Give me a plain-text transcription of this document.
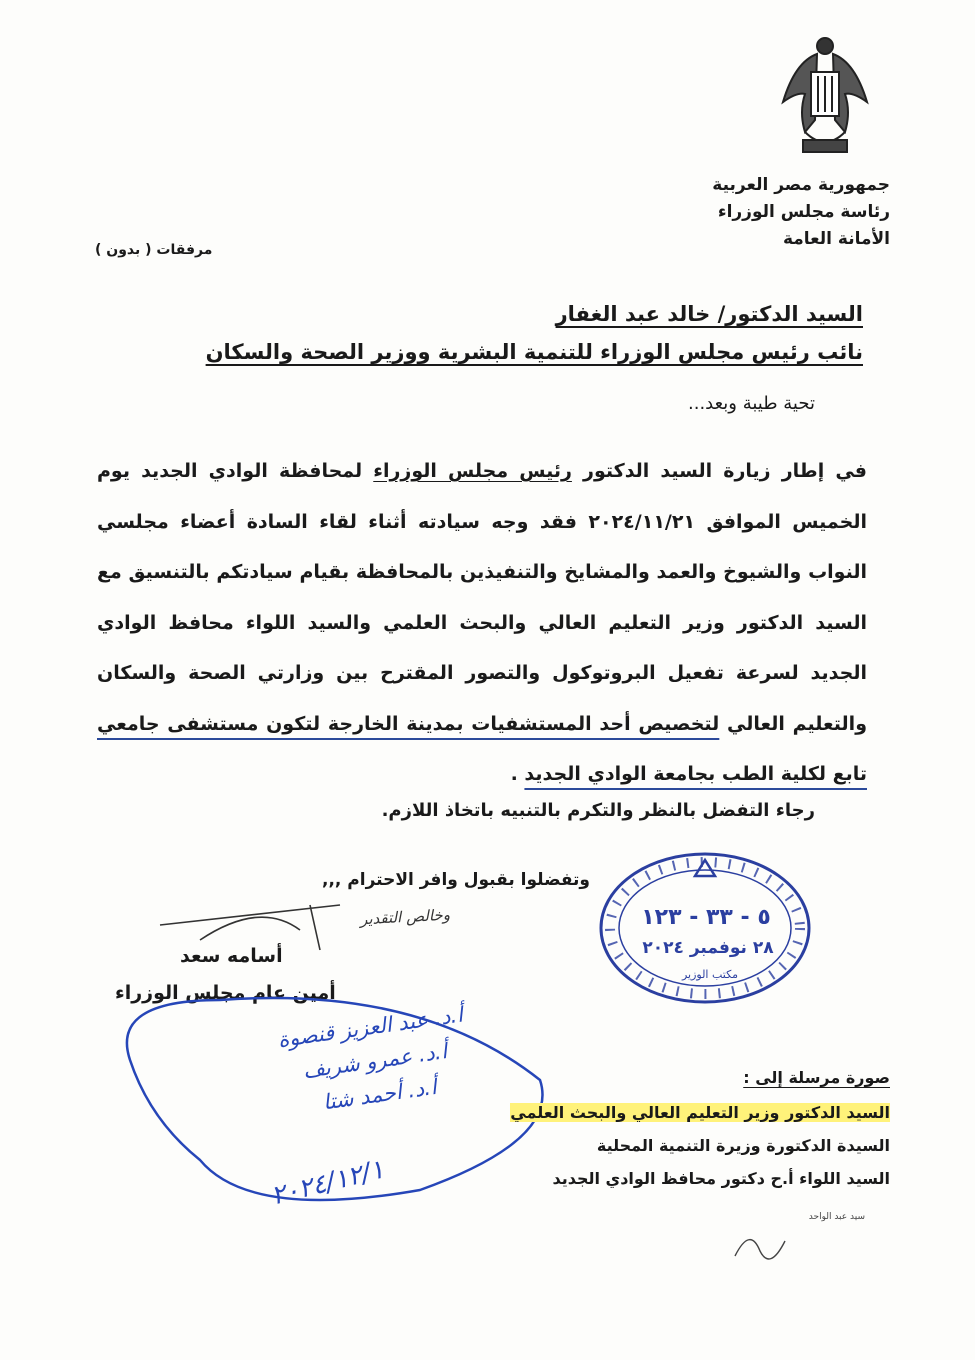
جمهورية مصر العربية
رئاسة مجلس الوزراء
الأمانة العامة
مرفقات ( بدون )
السيد الدكتور/ خالد عبد الغفار
نائب رئيس مجلس الوزراء للتنمية البشرية ووزير الصحة والسكان
تحية طيبة وبعد...
في إطار زيارة السيد الدكتور رئيس مجلس الوزراء لمحافظة الوادي الجديد يوم الخميس الموافق ٢٠٢٤/١١/٢١ فقد وجه سيادته أثناء لقاء السادة أعضاء مجلسي النواب والشيوخ والعمد والمشايخ والتنفيذين بالمحافظة بقيام سيادتكم بالتنسيق مع السيد الدكتور وزير التعليم العالي والبحث العلمي والسيد اللواء محافظ الوادي الجديد لسرعة تفعيل البروتوكول والتصور المقترح بين وزارتي الصحة والسكان والتعليم العالي لتخصيص أحد المستشفيات بمدينة الخارجة لتكون مستشفى جامعي تابع لكلية الطب بجامعة الوادي الجديد .
رجاء التفضل بالنظر والتكرم بالتنبيه باتخاذ اللازم.
وتفضلوا بقبول وافر الاحترام ,,,
وخالص التقدير
أسامه سعد
أمين عام مجلس الوزراء
٥ - ٣٣ - ١٢٣
٢٨ نوفمبر ٢٠٢٤
مكتب الوزير
أ.د. عبد العزيز قنصوة
أ.د. عمرو شريف
أ.د. أحمد شتا
٢٠٢٤/١٢/١
صورة مرسلة إلى :
السيد الدكتور وزير التعليم العالي والبحث العلمي
السيدة الدكتورة وزيرة التنمية المحلية
السيد اللواء أ.ح دكتور محافظ الوادي الجديد
سيد عبد الواحد
